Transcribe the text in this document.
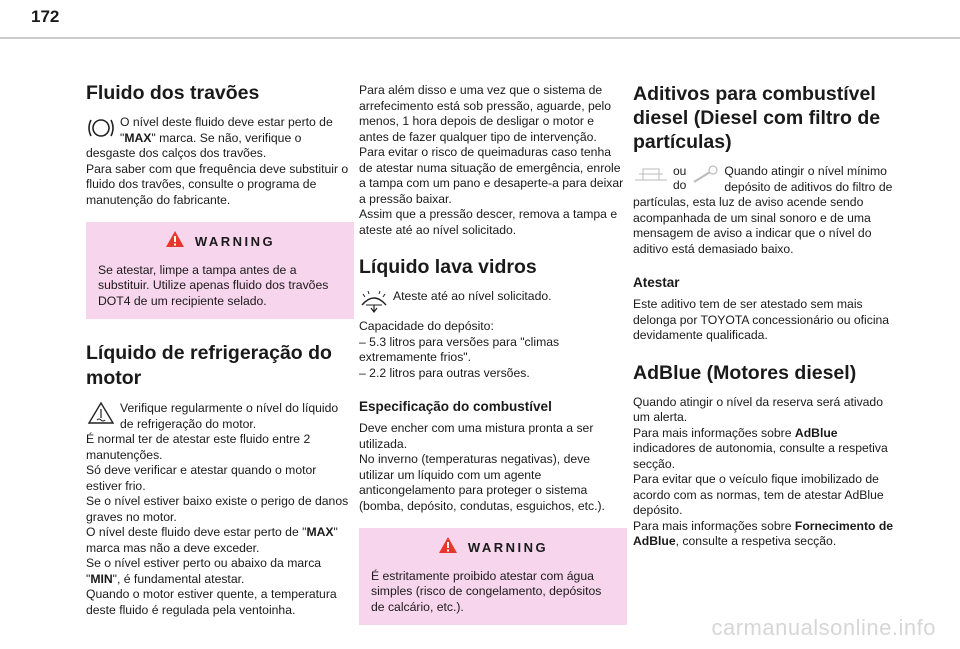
172
Fluido dos travões

O nível deste fluido deve estar perto de "MAX" marca. Se não, verifique o desgaste dos calços dos travões.

Para saber com que frequência deve substituir o fluido dos travões, consulte o programa de manutenção do fabricante.

WARNING

Se atestar, limpe a tampa antes de a substituir. Utilize apenas fluido dos travões DOT4 de um recipiente selado.

Líquido de refrigeração do
motor

Verifique regularmente o nível do líquido de refrigeração do motor.

É normal ter de atestar este fluido entre 2 manutenções.

Só deve verificar e atestar quando o motor estiver frio.

Se o nível estiver baixo existe o perigo de danos graves no motor.

O nível deste fluido deve estar perto de "MAX" marca mas não a deve exceder.

Se o nível estiver perto ou abaixo da marca "MIN", é fundamental atestar.

Quando o motor estiver quente, a temperatura deste fluido é regulada pela ventoinha.

Para além disso e uma vez que o sistema de arrefecimento está sob pressão, aguarde, pelo menos, 1 hora depois de desligar o motor e antes de fazer qualquer tipo de intervenção.

Para evitar o risco de queimaduras caso tenha de atestar numa situação de emergência, enrole a tampa com um pano e desaperte-a para deixar a pressão baixar.

Assim que a pressão descer, remova a tampa e ateste até ao nível solicitado.

Líquido lava vidros

Ateste até ao nível solicitado.

Capacidade do depósito:

– 5.3 litros para versões para "climas extremamente frios".

– 2.2 litros para outras versões.

Especificação do combustível

Deve encher com uma mistura pronta a ser utilizada.

No inverno (temperaturas negativas), deve utilizar um líquido com um agente anticongelamento para proteger o sistema (bomba, depósito, condutas, esguichos, etc.).

WARNING

É estritamente proibido atestar com água simples (risco de congelamento, depósitos de calcário, etc.).

Aditivos para combustível
diesel (Diesel com filtro de
partículas)
ou
do
Quando atingir o nível mínimo depósito de aditivos do filtro de

partículas, esta luz de aviso acende sendo acompanhada de um sinal sonoro e de uma mensagem de aviso a indicar que o nível do aditivo está demasiado baixo.

Atestar

Este aditivo tem de ser atestado sem mais delonga por TOYOTA concessionário ou oficina devidamente qualificada.

AdBlue (Motores diesel)

Quando atingir o nível da reserva será ativado um alerta.

Para mais informações sobre AdBlue indicadores de autonomia, consulte a respetiva secção.

Para evitar que o veículo fique imobilizado de acordo com as normas, tem de atestar AdBlue depósito.

Para mais informações sobre Fornecimento de
AdBlue, consulte a respetiva secção.

carmanualsonline.info
